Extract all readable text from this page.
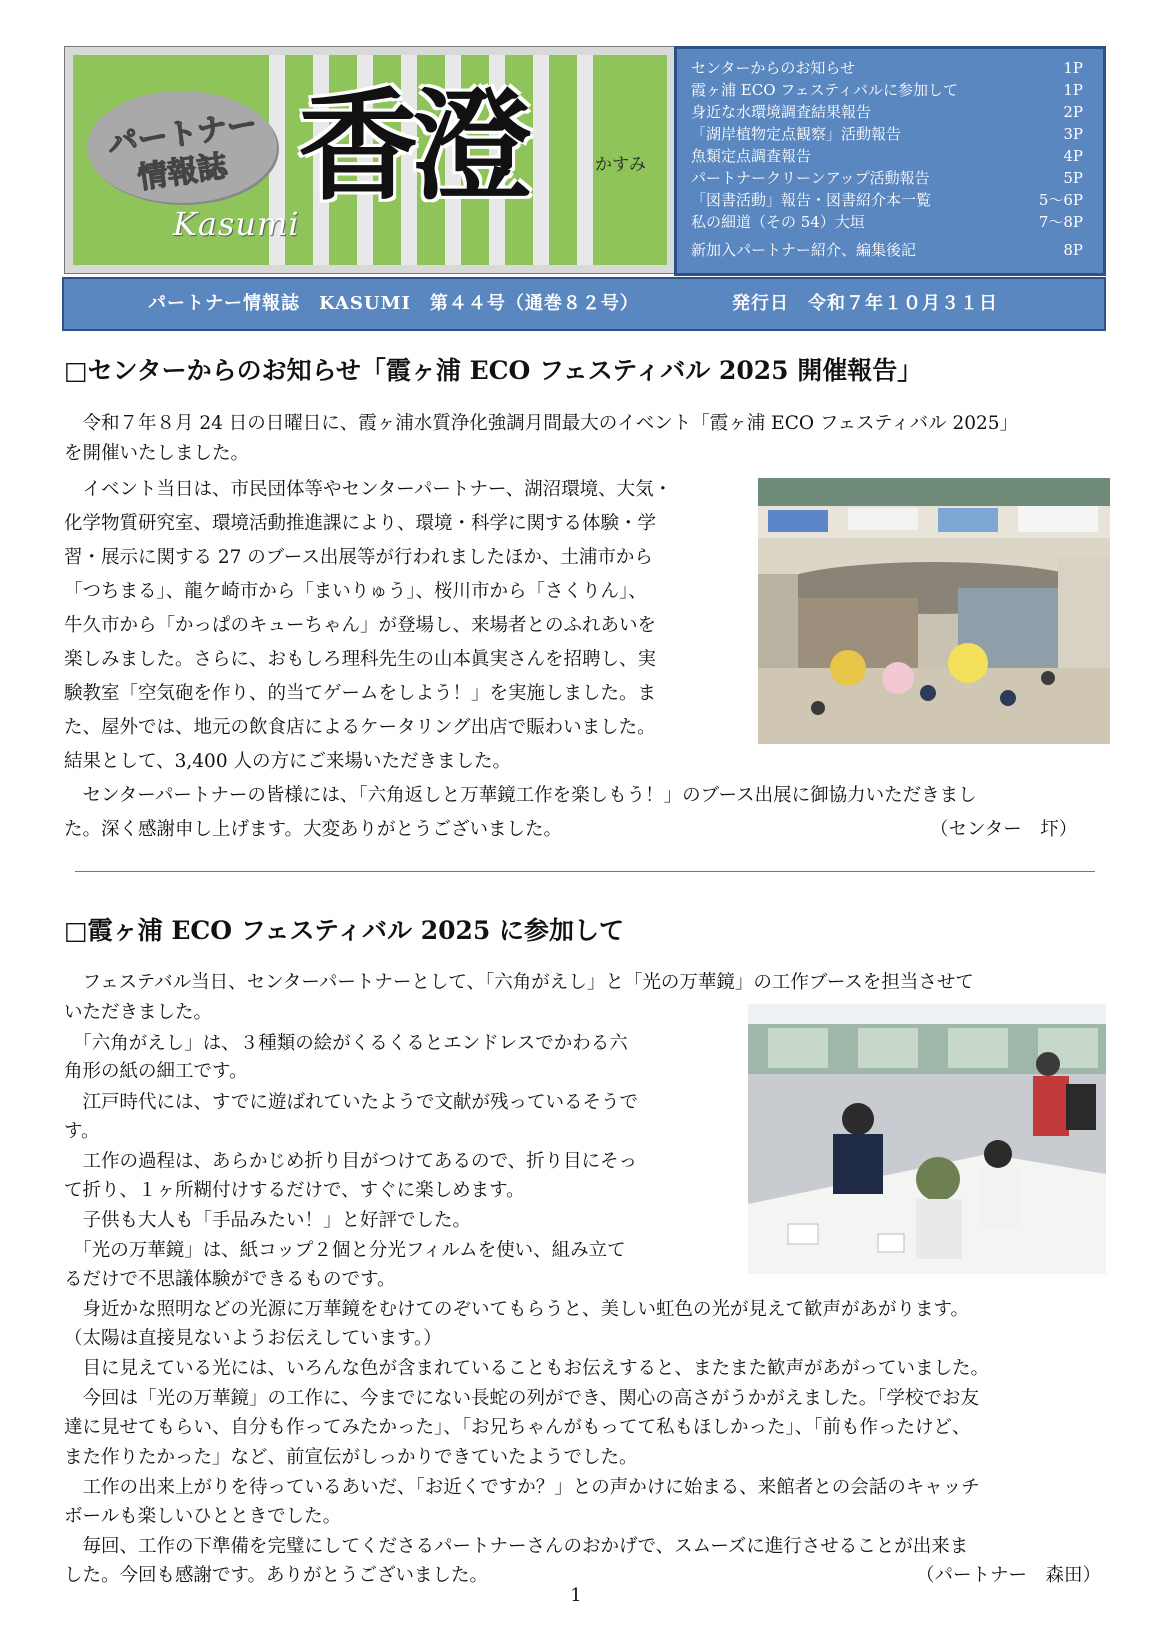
パートナー
情報誌 香澄	かすみ
Kasumi
センターからのお知らせ	1P
霞ヶ浦 ECO フェスティバルに参加して	1P
身近な水環境調査結果報告	2P
「湖岸植物定点観察」活動報告	3P
魚類定点調査報告	4P
パートナークリーンアップ活動報告	5P
「図書活動」報告・図書紹介本一覧	5～6P
私の細道（その 54）大垣	7～8P
新加入パートナー紹介、編集後記	8P
パートナー情報誌　KASUMI　第４４号（通巻８２号）	発行日　令和７年１０月３１日
□センターからのお知らせ「霞ヶ浦 ECO フェスティバル 2025 開催報告」
　令和７年８月 24 日の日曜日に、霞ヶ浦水質浄化強調月間最大のイベント「霞ヶ浦 ECO フェスティバル 2025」
を開催いたしました。
　イベント当日は、市民団体等やセンターパートナー、湖沼環境、大気・
化学物質研究室、環境活動推進課により、環境・科学に関する体験・学
習・展示に関する 27 のブース出展等が行われましたほか、土浦市から
「つちまる」、龍ケ崎市から「まいりゅう」、桜川市から「さくりん」、
牛久市から「かっぱのキューちゃん」が登場し、来場者とのふれあいを
楽しみました。さらに、おもしろ理科先生の山本眞実さんを招聘し、実
験教室「空気砲を作り、的当てゲームをしよう！」を実施しました。ま
た、屋外では、地元の飲食店によるケータリング出店で賑わいました。
結果として、3,400 人の方にご来場いただきました。
　センターパートナーの皆様には、「六角返しと万華鏡工作を楽しもう！」のブース出展に御協力いただきまし
た。深く感謝申し上げます。大変ありがとうございました。	（センター　圷）
□霞ヶ浦 ECO フェスティバル 2025 に参加して
　フェステバル当日、センターパートナーとして、「六角がえし」と「光の万華鏡」の工作ブースを担当させて
いただきました。
　「六角がえし」は、３種類の絵がくるくるとエンドレスでかわる六
角形の紙の細工です。
　江戸時代には、すでに遊ばれていたようで文献が残っているそうで
す。
　工作の過程は、あらかじめ折り目がつけてあるので、折り目にそっ
て折り、１ヶ所糊付けするだけで、すぐに楽しめます。
　子供も大人も「手品みたい！」と好評でした。
　「光の万華鏡」は、紙コップ２個と分光フィルムを使い、組み立て
るだけで不思議体験ができるものです。
　身近かな照明などの光源に万華鏡をむけてのぞいてもらうと、美しい虹色の光が見えて歓声があがります。
（太陽は直接見ないようお伝えしています。）
　目に見えている光には、いろんな色が含まれていることもお伝えすると、またまた歓声があがっていました。
　今回は「光の万華鏡」の工作に、今までにない長蛇の列ができ、関心の高さがうかがえました。「学校でお友
達に見せてもらい、自分も作ってみたかった」、「お兄ちゃんがもってて私もほしかった」、「前も作ったけど、
また作りたかった」など、前宣伝がしっかりできていたようでした。
　工作の出来上がりを待っているあいだ、「お近くですか？」との声かけに始まる、来館者との会話のキャッチ
ボールも楽しいひとときでした。
　毎回、工作の下準備を完璧にしてくださるパートナーさんのおかげで、スムーズに進行させることが出来ま
した。今回も感謝です。ありがとうございました。	（パートナー　森田）
1
